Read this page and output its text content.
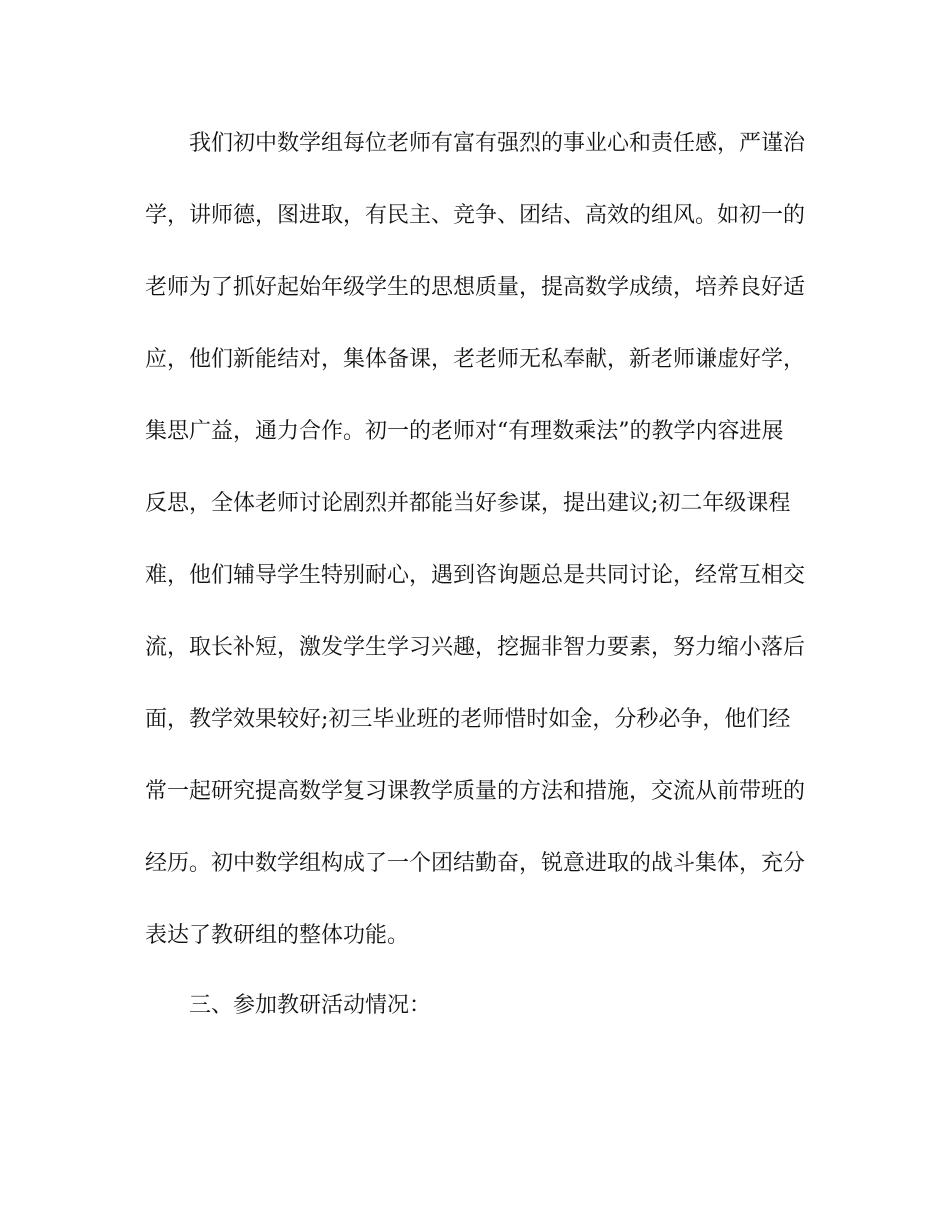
我们初中数学组每位老师有富有强烈的事业心和责任感，严谨治
学，讲师德，图进取，有民主、竞争、团结、高效的组风。如初一的
老师为了抓好起始年级学生的思想质量，提高数学成绩，培养良好适
应，他们新能结对，集体备课，老老师无私奉献，新老师谦虚好学，
集思广益，通力合作。初一的老师对“有理数乘法”的教学内容进展
反思，全体老师讨论剧烈并都能当好参谋，提出建议;初二年级课程
难，他们辅导学生特别耐心，遇到咨询题总是共同讨论，经常互相交
流，取长补短，激发学生学习兴趣，挖掘非智力要素，努力缩小落后
面，教学效果较好;初三毕业班的老师惜时如金，分秒必争，他们经
常一起研究提高数学复习课教学质量的方法和措施，交流从前带班的
经历。初中数学组构成了一个团结勤奋，锐意进取的战斗集体，充分
表达了教研组的整体功能。
三、参加教研活动情况：
